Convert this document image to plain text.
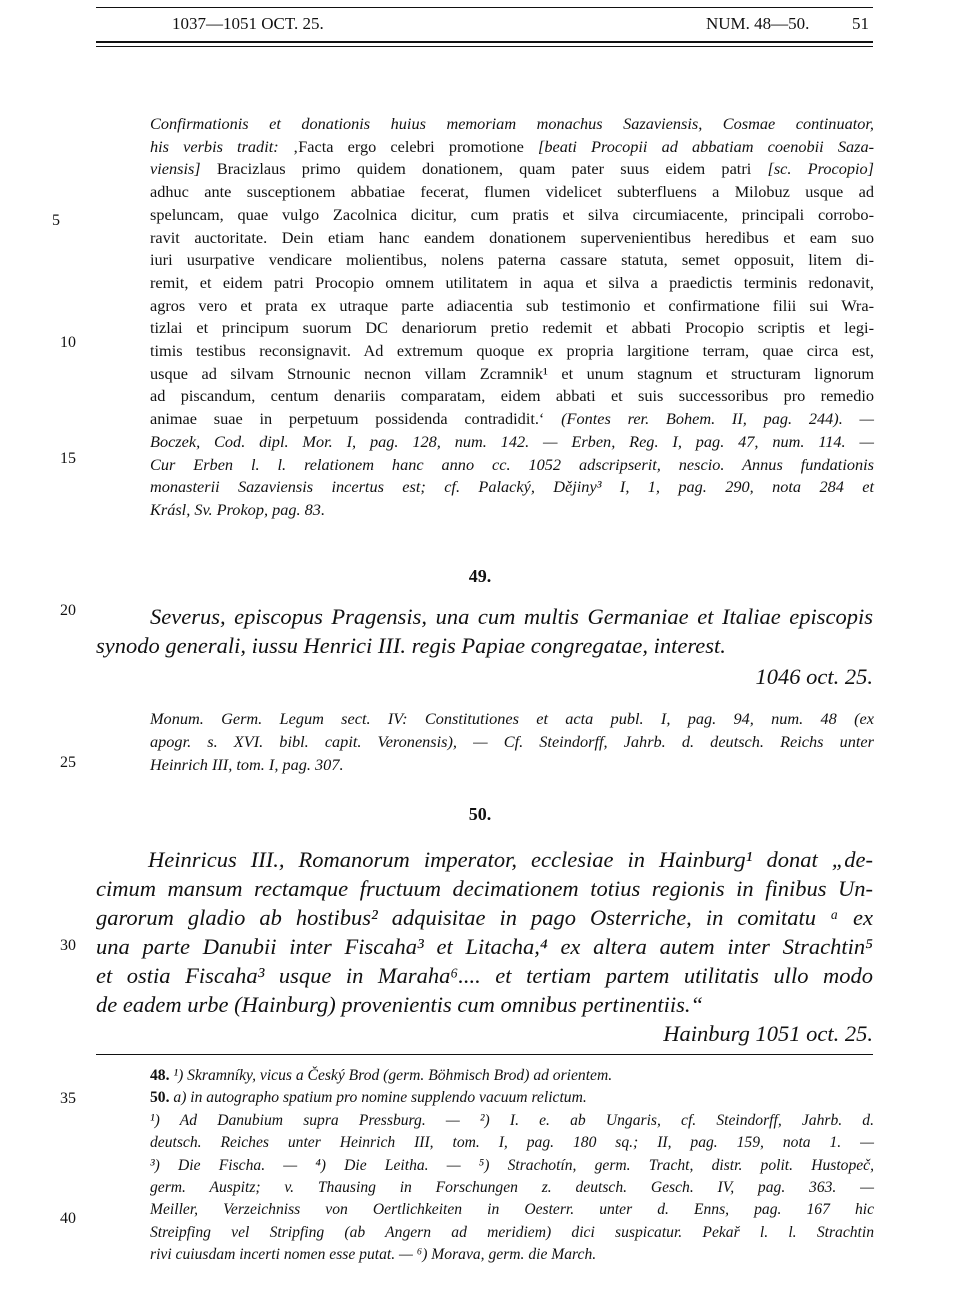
1037—1051 OCT. 25.	NUM. 48—50.	51
5
10
15
20
25
30
35
40
Confirmationis et donationis huius memoriam monachus Sazaviensis, Cosmae continuator,
his verbis tradit: ‚Facta ergo celebri promotione [beati Procopii ad abbatiam coenobii Saza-
viensis] Bracizlaus primo quidem donationem, quam pater suus eidem patri [sc. Procopio]
adhuc ante susceptionem abbatiae fecerat, flumen videlicet subterfluens a Milobuz usque ad
speluncam, quae vulgo Zacolnica dicitur, cum pratis et silva circumiacente, principali corrobo-
ravit auctoritate. Dein etiam hanc eandem donationem supervenientibus heredibus et eam suo
iuri usurpative vendicare molientibus, nolens paterna cassare statuta, semet opposuit, litem di-
remit, et eidem patri Procopio omnem utilitatem in aqua et silva a praedictis terminis redonavit,
agros vero et prata ex utraque parte adiacentia sub testimonio et confirmatione filii sui Wra-
tizlai et principum suorum DC denariorum pretio redemit et abbati Procopio scriptis et legi-
timis testibus reconsignavit. Ad extremum quoque ex propria largitione terram, quae circa est,
usque ad silvam Strnounic necnon villam Zcramnik¹ et unum stagnum et structuram lignorum
ad piscandum, centum denariis comparatam, eidem abbati et suis successoribus pro remedio
animae suae in perpetuum possidenda contradidit.‘ (Fontes rer. Bohem. II, pag. 244). —
Boczek, Cod. dipl. Mor. I, pag. 128, num. 142. — Erben, Reg. I, pag. 47, num. 114. —
Cur Erben l. l. relationem hanc anno cc. 1052 adscripserit, nescio. Annus fundationis
monasterii Sazaviensis incertus est; cf. Palacký, Dějiny³ I, 1, pag. 290, nota 284 et
Krásl, Sv. Prokop, pag. 83.
49.
Severus, episcopus Pragensis, una cum multis Germaniae et Italiae episcopis
synodo generali, iussu Henrici III. regis Papiae congregatae, interest.
1046 oct. 25.
Monum. Germ. Legum sect. IV: Constitutiones et acta publ. I, pag. 94, num. 48 (ex
apogr. s. XVI. bibl. capit. Veronensis), — Cf. Steindorff, Jahrb. d. deutsch. Reichs unter
Heinrich III, tom. I, pag. 307.
50.
Heinricus III., Romanorum imperator, ecclesiae in Hainburg¹ donat „de-
cimum mansum rectamque fructuum decimationem totius regionis in finibus Un-
garorum gladio ab hostibus² adquisitae in pago Osterriche, in comitatu ᵃ ex
una parte Danubii inter Fiscaha³ et Litacha,⁴ ex altera autem inter Strachtin⁵
et ostia Fiscaha³ usque in Maraha⁶.... et tertiam partem utilitatis ullo modo
de eadem urbe (Hainburg) provenientis cum omnibus pertinentiis.“
Hainburg 1051 oct. 25.
48. ¹) Skramníky, vicus a Český Brod (germ. Böhmisch Brod) ad orientem.
50. a) in autographo spatium pro nomine supplendo vacuum relictum.
¹) Ad Danubium supra Pressburg. — ²) I. e. ab Ungaris, cf. Steindorff, Jahrb. d.
deutsch. Reiches unter Heinrich III, tom. I, pag. 180 sq.; II, pag. 159, nota 1. —
³) Die Fischa. — ⁴) Die Leitha. — ⁵) Strachotín, germ. Tracht, distr. polit. Hustopeč,
germ. Auspitz; v. Thausing in Forschungen z. deutsch. Gesch. IV, pag. 363. —
Meiller, Verzeichniss von Oertlichkeiten in Oesterr. unter d. Enns, pag. 167 hic
Streipfing vel Stripfing (ab Angern ad meridiem) dici suspicatur. Pekař l. l. Strachtin
rivi cuiusdam incerti nomen esse putat. — ⁶) Morava, germ. die March.
